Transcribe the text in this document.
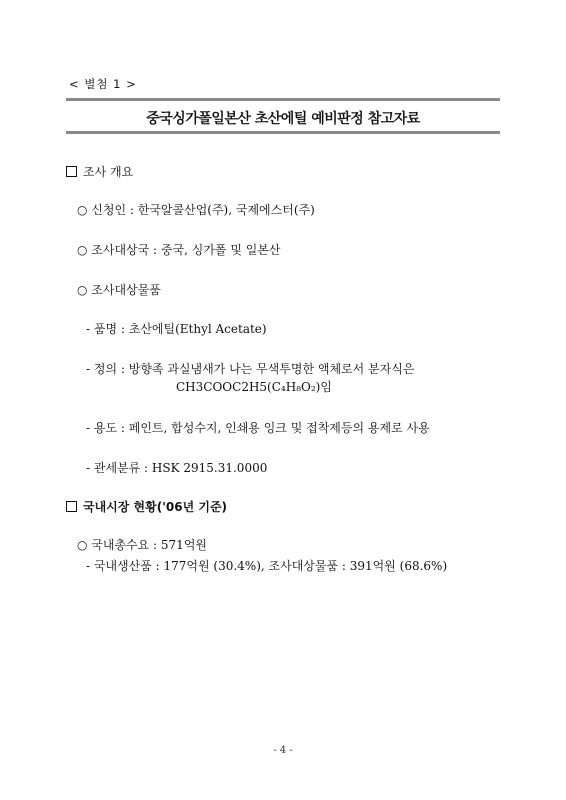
< 별첨 1 >
중국싱가폴일본산 초산에틸 예비판정 참고자료
조사 개요
○ 신청인 : 한국알콜산업(주), 국제에스터(주)
○ 조사대상국 : 중국, 싱가폴 및 일본산
○ 조사대상물품
- 품명 : 초산에틸(Ethyl Acetate)
- 정의 : 방향족 과실냄새가 나는 무색투명한 액체로서 분자식은
CH3COOC2H5(C₄H₈O₂)임
- 용도 : 페인트, 합성수지, 인쇄용 잉크 및 접착제등의 용제로 사용
- 관세분류 : HSK 2915.31.0000
국내시장 현황('06년 기준)
○ 국내총수요 : 571억원
- 국내생산품 : 177억원 (30.4%), 조사대상물품 : 391억원 (68.6%)
- 4 -
